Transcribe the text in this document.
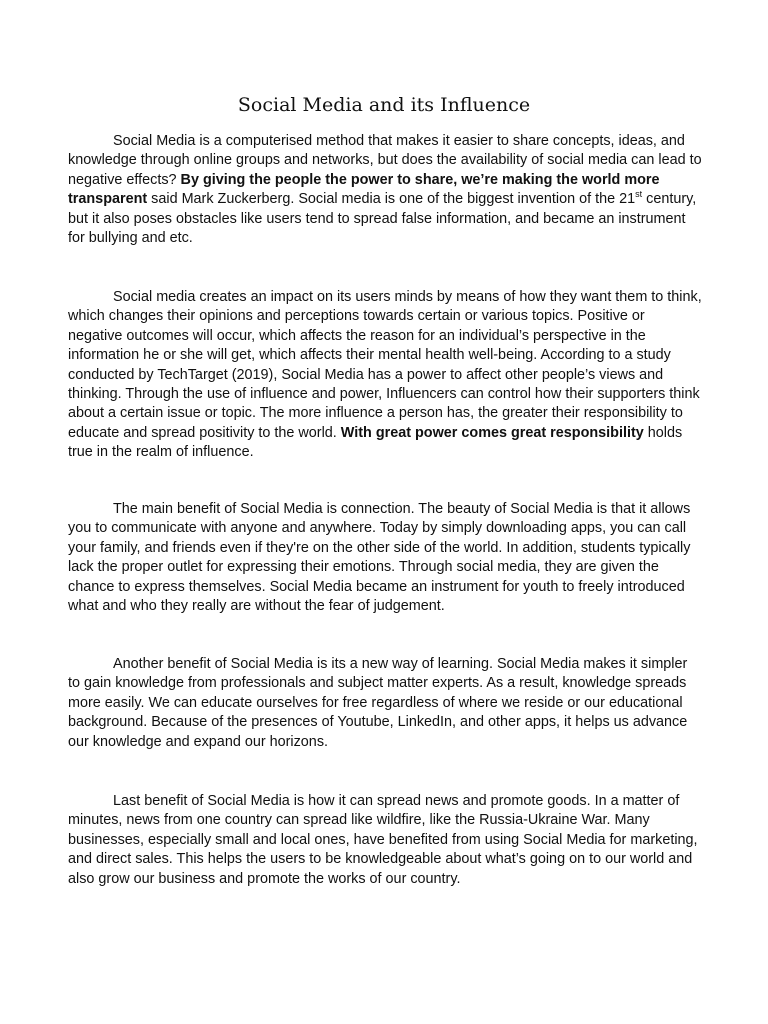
Social Media and its Influence

Social Media is a computerised method that makes it easier to share concepts, ideas, and knowledge through online groups and networks, but does the availability of social media can lead to negative effects? By giving the people the power to share, we’re making the world more transparent said Mark Zuckerberg. Social media is one of the biggest invention of the 21st century, but it also poses obstacles like users tend to spread false information, and became an instrument for bullying and etc.

Social media creates an impact on its users minds by means of how they want them to think, which changes their opinions and perceptions towards certain or various topics. Positive or negative outcomes will occur, which affects the reason for an individual’s perspective in the information he or she will get, which affects their mental health well-being. According to a study conducted by TechTarget (2019), Social Media has a power to affect other people’s views and thinking. Through the use of influence and power, Influencers can control how their supporters think about a certain issue or topic. The more influence a person has, the greater their responsibility to educate and spread positivity to the world. With great power comes great responsibility holds true in the realm of influence.

The main benefit of Social Media is connection. The beauty of Social Media is that it allows you to communicate with anyone and anywhere. Today by simply downloading apps, you can call your family, and friends even if they're on the other side of the world. In addition, students typically lack the proper outlet for expressing their emotions. Through social media, they are given the chance to express themselves. Social Media became an instrument for youth to freely introduced what and who they really are without the fear of judgement.

Another benefit of Social Media is its a new way of learning. Social Media makes it simpler to gain knowledge from professionals and subject matter experts. As a result, knowledge spreads more easily. We can educate ourselves for free regardless of where we reside or our educational background. Because of the presences of Youtube, LinkedIn, and other apps, it helps us advance our knowledge and expand our horizons.

Last benefit of Social Media is how it can spread news and promote goods. In a matter of minutes, news from one country can spread like wildfire, like the Russia-Ukraine War. Many businesses, especially small and local ones, have benefited from using Social Media for marketing, and direct sales. This helps the users to be knowledgeable about what’s going on to our world and also grow our business and promote the works of our country.
